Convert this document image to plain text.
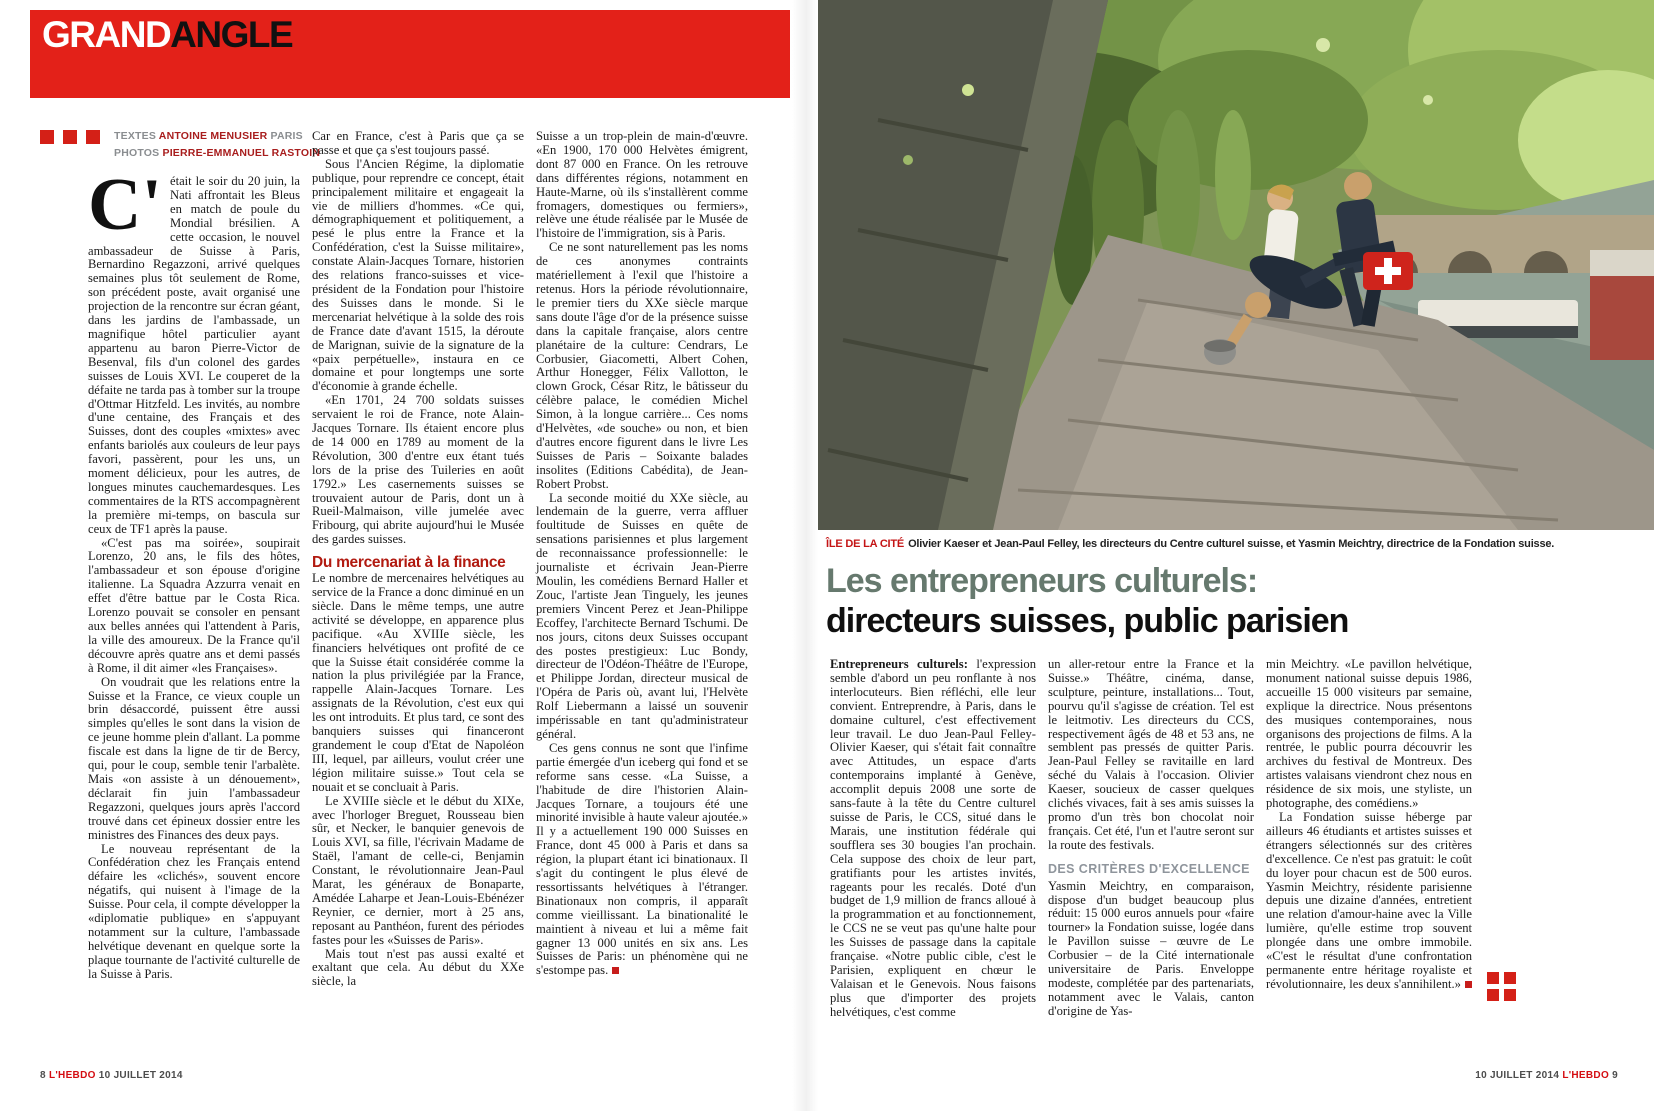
GRANDANGLE
TEXTES ANTOINE MENUSIER PARIS
PHOTOS PIERRE-EMMANUEL RASTOIN
C' était le soir du 20 juin, la Nati affrontait les Bleus en match de poule du Mondial brésilien. A cette occasion, le nouvel ambassadeur de Suisse à Paris, Bernardino Regazzoni, arrivé quelques semaines plus tôt seulement de Rome, son précédent poste, avait organisé une projection de la rencontre sur écran géant, dans les jardins de l'ambassade, un magnifique hôtel particulier ayant appartenu au baron Pierre-Victor de Besenval, fils d'un colonel des gardes suisses de Louis XVI. Le couperet de la défaite ne tarda pas à tomber sur la troupe d'Ottmar Hitzfeld. Les invités, au nombre d'une centaine, des Français et des Suisses, dont des couples «mixtes» avec enfants bariolés aux couleurs de leur pays favori, passèrent, pour les uns, un moment délicieux, pour les autres, de longues minutes cauchemardesques. Les commentaires de la RTS accompagnèrent la première mi-temps, on bascula sur ceux de TF1 après la pause.

«C'est pas ma soirée», soupirait Lorenzo, 20 ans, le fils des hôtes, l'ambassadeur et son épouse d'origine italienne. La Squadra Azzurra venait en effet d'être battue par le Costa Rica. Lorenzo pouvait se consoler en pensant aux belles années qui l'attendent à Paris, la ville des amoureux. De la France qu'il découvre après quatre ans et demi passés à Rome, il dit aimer «les Françaises».

On voudrait que les relations entre la Suisse et la France, ce vieux couple un brin désaccordé, puissent être aussi simples qu'elles le sont dans la vision de ce jeune homme plein d'allant. La pomme fiscale est dans la ligne de tir de Bercy, qui, pour le coup, semble tenir l'arbalète. Mais «on assiste à un dénouement», déclarait fin juin l'ambassadeur Regazzoni, quelques jours après l'accord trouvé dans cet épineux dossier entre les ministres des Finances des deux pays.

Le nouveau représentant de la Confédération chez les Français entend défaire les «clichés», souvent encore négatifs, qui nuisent à l'image de la Suisse. Pour cela, il compte développer la «diplomatie publique» en s'appuyant notamment sur la culture, l'ambassade helvétique devenant en quelque sorte la plaque tournante de l'activité culturelle de la Suisse à Paris.

Car en France, c'est à Paris que ça se passe et que ça s'est toujours passé.

Sous l'Ancien Régime, la diplomatie publique, pour reprendre ce concept, était principalement militaire et engageait la vie de milliers d'hommes. «Ce qui, démographiquement et politiquement, a pesé le plus entre la France et la Confédération, c'est la Suisse militaire», constate Alain-Jacques Tornare, historien des relations franco-suisses et vice-président de la Fondation pour l'histoire des Suisses dans le monde. Si le mercenariat helvétique à la solde des rois de France date d'avant 1515, la déroute de Marignan, suivie de la signature de la «paix perpétuelle», instaura en ce domaine et pour longtemps une sorte d'économie à grande échelle.

«En 1701, 24 700 soldats suisses servaient le roi de France, note Alain-Jacques Tornare. Ils étaient encore plus de 14 000 en 1789 au moment de la Révolution, 300 d'entre eux étant tués lors de la prise des Tuileries en août 1792.» Les casernements suisses se trouvaient autour de Paris, dont un à Rueil-Malmaison, ville jumelée avec Fribourg, qui abrite aujourd'hui le Musée des gardes suisses.

Du mercenariat à la finance

Le nombre de mercenaires helvétiques au service de la France a donc diminué en un siècle. Dans le même temps, une autre activité se développe, en apparence plus pacifique. «Au XVIIIe siècle, les financiers helvétiques ont profité de ce que la Suisse était considérée comme la nation la plus privilégiée par la France, rappelle Alain-Jacques Tornare. Les assignats de la Révolution, c'est eux qui les ont introduits. Et plus tard, ce sont des banquiers suisses qui financeront grandement le coup d'Etat de Napoléon III, lequel, par ailleurs, voulut créer une légion militaire suisse.» Tout cela se nouait et se concluait à Paris.

Le XVIIIe siècle et le début du XIXe, avec l'horloger Breguet, Rousseau bien sûr, et Necker, le banquier genevois de Louis XVI, sa fille, l'écrivain Madame de Staël, l'amant de celle-ci, Benjamin Constant, le révolutionnaire Jean-Paul Marat, les généraux de Bonaparte, Amédée Laharpe et Jean-Louis-Ebénézer Reynier, ce dernier, mort à 25 ans, reposant au Panthéon, furent des périodes fastes pour les «Suisses de Paris».

Mais tout n'est pas aussi exalté et exaltant que cela. Au début du XXe siècle, la

Suisse a un trop-plein de main-d'œuvre. «En 1900, 170 000 Helvètes émigrent, dont 87 000 en France. On les retrouve dans différentes régions, notamment en Haute-Marne, où ils s'installèrent comme fromagers, domestiques ou fermiers», relève une étude réalisée par le Musée de l'histoire de l'immigration, sis à Paris.

Ce ne sont naturellement pas les noms de ces anonymes contraints matériellement à l'exil que l'histoire a retenus. Hors la période révolutionnaire, le premier tiers du XXe siècle marque sans doute l'âge d'or de la présence suisse dans la capitale française, alors centre planétaire de la culture: Cendrars, Le Corbusier, Giacometti, Albert Cohen, Arthur Honegger, Félix Vallotton, le clown Grock, César Ritz, le bâtisseur du célèbre palace, le comédien Michel Simon, à la longue carrière... Ces noms d'Helvètes, «de souche» ou non, et bien d'autres encore figurent dans le livre Les Suisses de Paris – Soixante balades insolites (Editions Cabédita), de Jean-Robert Probst.

La seconde moitié du XXe siècle, au lendemain de la guerre, verra affluer foultitude de Suisses en quête de sensations parisiennes et plus largement de reconnaissance professionnelle: le journaliste et écrivain Jean-Pierre Moulin, les comédiens Bernard Haller et Zouc, l'artiste Jean Tinguely, les jeunes premiers Vincent Perez et Jean-Philippe Ecoffey, l'architecte Bernard Tschumi. De nos jours, citons deux Suisses occupant des postes prestigieux: Luc Bondy, directeur de l'Odéon-Théâtre de l'Europe, et Philippe Jordan, directeur musical de l'Opéra de Paris où, avant lui, l'Helvète Rolf Liebermann a laissé un souvenir impérissable en tant qu'administrateur général.

Ces gens connus ne sont que l'infime partie émergée d'un iceberg qui fond et se reforme sans cesse. «La Suisse, a l'habitude de dire l'historien Alain-Jacques Tornare, a toujours été une minorité invisible à haute valeur ajoutée.» Il y a actuellement 190 000 Suisses en France, dont 45 000 à Paris et dans sa région, la plupart étant ici binationaux. Il s'agit du contingent le plus élevé de ressortissants helvétiques à l'étranger. Binationaux non compris, il apparaît comme vieillissant. La binationalité le maintient à niveau et lui a même fait gagner 13 000 unités en six ans. Les Suisses de Paris: un phénomène qui ne s'estompe pas.

ÎLE DE LA CITÉ Olivier Kaeser et Jean-Paul Felley, les directeurs du Centre culturel suisse, et Yasmin Meichtry, directrice de la Fondation suisse.
Les entrepreneurs culturels:
directeurs suisses, public parisien

Entrepreneurs culturels: l'expression semble d'abord un peu ronflante à nos interlocuteurs. Bien réfléchi, elle leur convient. Entreprendre, à Paris, dans le domaine culturel, c'est effectivement leur travail. Le duo Jean-Paul Felley-Olivier Kaeser, qui s'était fait connaître avec Attitudes, un espace d'arts contemporains implanté à Genève, accomplit depuis 2008 une sorte de sans-faute à la tête du Centre culturel suisse de Paris, le CCS, situé dans le Marais, une institution fédérale qui soufflera ses 30 bougies l'an prochain. Cela suppose des choix de leur part, gratifiants pour les artistes invités, rageants pour les recalés. Doté d'un budget de 1,9 million de francs alloué à la programmation et au fonctionnement, le CCS ne se veut pas qu'une halte pour les Suisses de passage dans la capitale française. «Notre public cible, c'est le Parisien, expliquent en chœur le Valaisan et le Genevois. Nous faisons plus que d'importer des projets helvétiques, c'est comme

un aller-retour entre la France et la Suisse.» Théâtre, cinéma, danse, sculpture, peinture, installations... Tout, pourvu qu'il s'agisse de création. Tel est le leitmotiv. Les directeurs du CCS, respectivement âgés de 48 et 53 ans, ne semblent pas pressés de quitter Paris. Jean-Paul Felley se ravitaille en lard séché du Valais à l'occasion. Olivier Kaeser, soucieux de casser quelques clichés vivaces, fait à ses amis suisses la promo d'un très bon chocolat noir français. Cet été, l'un et l'autre seront sur la route des festivals.

DES CRITÈRES D'EXCELLENCE

Yasmin Meichtry, en comparaison, dispose d'un budget beaucoup plus réduit: 15 000 euros annuels pour «faire tourner» la Fondation suisse, logée dans le Pavillon suisse – œuvre de Le Corbusier – de la Cité internationale universitaire de Paris. Enveloppe modeste, complétée par des partenariats, notamment avec le Valais, canton d'origine de Yas-

min Meichtry. «Le pavillon helvétique, monument national suisse depuis 1986, accueille 15 000 visiteurs par semaine, explique la directrice. Nous présentons des musiques contemporaines, nous organisons des projections de films. A la rentrée, le public pourra découvrir les archives du festival de Montreux. Des artistes valaisans viendront chez nous en résidence de six mois, une styliste, un photographe, des comédiens.»

La Fondation suisse héberge par ailleurs 46 étudiants et artistes suisses et étrangers sélectionnés sur des critères d'excellence. Ce n'est pas gratuit: le coût du loyer pour chacun est de 500 euros. Yasmin Meichtry, résidente parisienne depuis une dizaine d'années, entretient une relation d'amour-haine avec la Ville lumière, qu'elle estime trop souvent plongée dans une ombre immobile. «C'est le résultat d'une confrontation permanente entre héritage royaliste et révolutionnaire, les deux s'annihilent.»

8 L'HEBDO 10 JUILLET 2014	10 JUILLET 2014 L'HEBDO 9
